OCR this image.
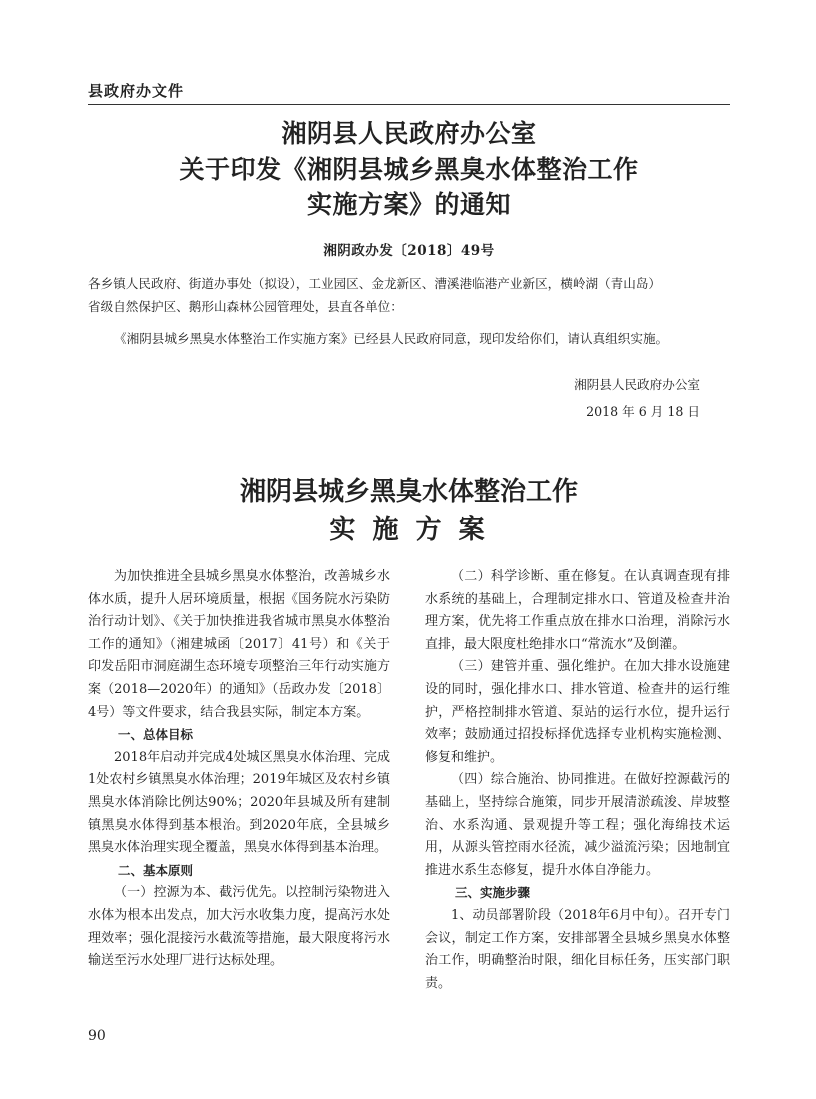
县政府办文件
湘阴县人民政府办公室
关于印发《湘阴县城乡黑臭水体整治工作
实施方案》的通知
湘阴政办发〔2018〕49号
各乡镇人民政府、街道办事处（拟设），工业园区、金龙新区、漕溪港临港产业新区，横岭湖（青山岛）
省级自然保护区、鹅形山森林公园管理处，县直各单位：
《湘阴县城乡黑臭水体整治工作实施方案》已经县人民政府同意，现印发给你们，请认真组织实施。
湘阴县人民政府办公室
2018 年 6 月 18 日
湘阴县城乡黑臭水体整治工作
实 施 方 案

为加快推进全县城乡黑臭水体整治，改善城乡水体水质，提升人居环境质量，根据《国务院水污染防治行动计划》、《关于加快推进我省城市黑臭水体整治工作的通知》（湘建城函〔2017〕41号）和《关于印发岳阳市洞庭湖生态环境专项整治三年行动实施方案（2018—2020年）的通知》（岳政办发〔2018〕4号）等文件要求，结合我县实际，制定本方案。

一、总体目标

2018年启动并完成4处城区黑臭水体治理、完成1处农村乡镇黑臭水体治理；2019年城区及农村乡镇黑臭水体消除比例达90%；2020年县城及所有建制镇黑臭水体得到基本根治。到2020年底，全县城乡黑臭水体治理实现全覆盖，黑臭水体得到基本治理。

二、基本原则

（一）控源为本、截污优先。以控制污染物进入水体为根本出发点，加大污水收集力度，提高污水处理效率；强化混接污水截流等措施，最大限度将污水输送至污水处理厂进行达标处理。

（二）科学诊断、重在修复。在认真调查现有排水系统的基础上，合理制定排水口、管道及检查井治理方案，优先将工作重点放在排水口治理，消除污水直排，最大限度杜绝排水口“常流水”及倒灌。

（三）建管并重、强化维护。在加大排水设施建设的同时，强化排水口、排水管道、检查井的运行维护，严格控制排水管道、泵站的运行水位，提升运行效率；鼓励通过招投标择优选择专业机构实施检测、修复和维护。

（四）综合施治、协同推进。在做好控源截污的基础上，坚持综合施策，同步开展清淤疏浚、岸坡整治、水系沟通、景观提升等工程；强化海绵技术运用，从源头管控雨水径流，减少溢流污染；因地制宜推进水系生态修复，提升水体自净能力。

三、实施步骤

1、动员部署阶段（2018年6月中旬）。召开专门会议，制定工作方案，安排部署全县城乡黑臭水体整治工作，明确整治时限，细化目标任务，压实部门职责。

90
